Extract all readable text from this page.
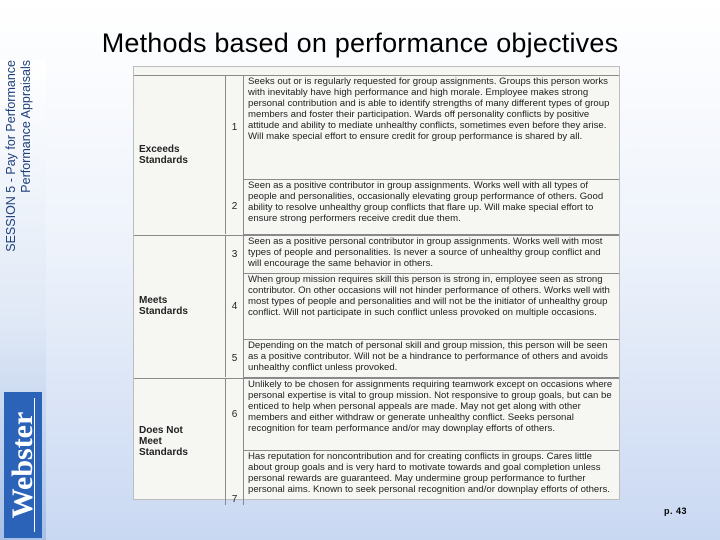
Methods based on performance objectives
SESSION 5 - Pay for Performance Performance Appraisals
Webster
Exceeds Standards	1	Seeks out or is regularly requested for group assignments. Groups this person works with inevitably have high performance and high morale. Employee makes strong personal contribution and is able to identify strengths of many different types of group members and foster their participation. Wards off personality conflicts by positive attitude and ability to mediate unhealthy conflicts, sometimes even before they arise. Will make special effort to ensure credit for group performance is shared by all.
	2	Seen as a positive contributor in group assignments. Works well with all types of people and personalities, occasionally elevating group performance of others. Good ability to resolve unhealthy group conflicts that flare up. Will make special effort to ensure strong performers receive credit due them.

Meets Standards	3	Seen as a positive personal contributor in group assignments. Works well with most types of people and personalities. Is never a source of unhealthy group conflict and will encourage the same behavior in others.
	4	When group mission requires skill this person is strong in, employee seen as strong contributor. On other occasions will not hinder performance of others. Works well with most types of people and personalities and will not be the initiator of unhealthy group conflict. Will not participate in such conflict unless provoked on multiple occasions.
	5	Depending on the match of personal skill and group mission, this person will be seen as a positive contributor. Will not be a hindrance to performance of others and avoids unhealthy conflict unless provoked.

Does Not Meet Standards	6	Unlikely to be chosen for assignments requiring teamwork except on occasions where personal expertise is vital to group mission. Not responsive to group goals, but can be enticed to help when personal appeals are made. May not get along with other members and either withdraw or generate unhealthy conflict. Seeks personal recognition for team performance and/or may downplay efforts of others.
	7	Has reputation for noncontribution and for creating conflicts in groups. Cares little about group goals and is very hard to motivate towards and goal completion unless personal rewards are guaranteed. May undermine group performance to further personal aims. Known to seek personal recognition and/or downplay efforts of others.
p. 43
